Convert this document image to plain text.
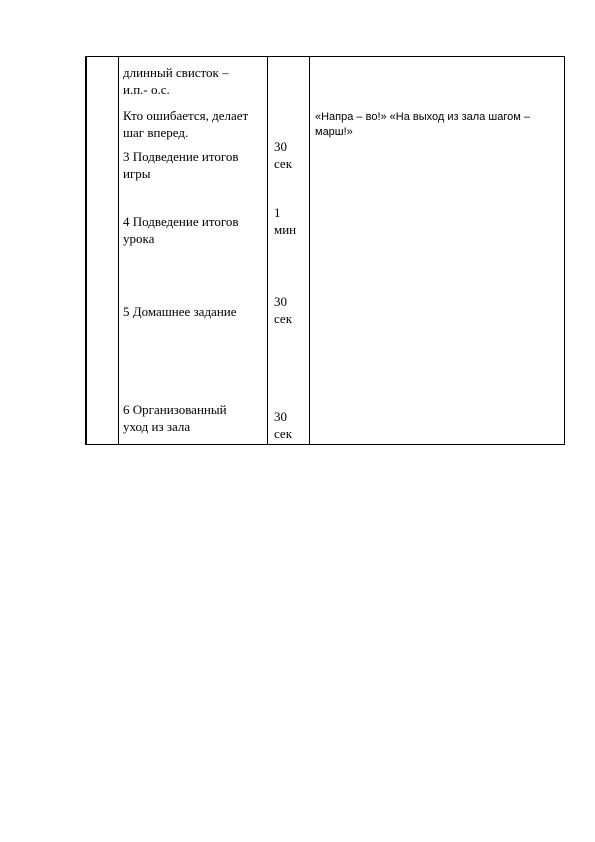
длинный свисток –
и.п.- о.с.
Кто ошибается, делает
шаг вперед.
3 Подведение итогов
игры
4 Подведение итогов
урока
5 Домашнее задание
6 Организованный
уход из зала
30
сек
1
мин
30
сек
30
сек
«Напра – во!» «На выход из зала шагом –
марш!»
